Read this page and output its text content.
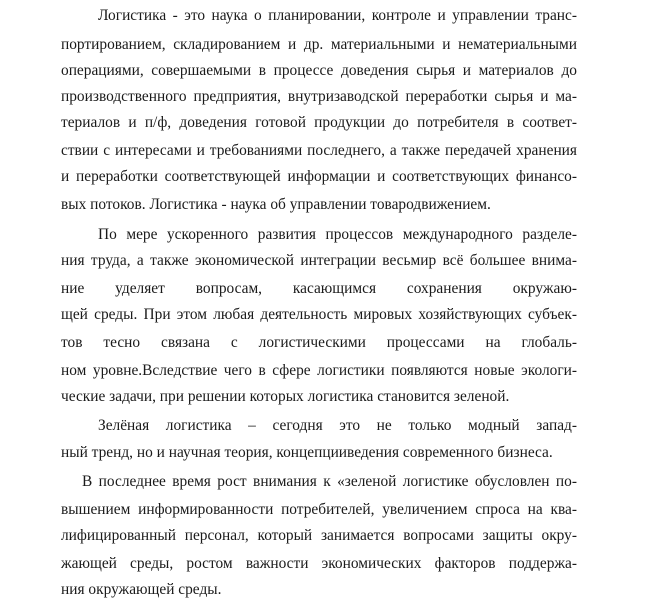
Логистика - это наука о планировании, контроле и управлении транс-
портированием, складированием и др. материальными и нематериальными
операциями, совершаемыми в процессе доведения сырья и материалов до
производственного предприятия, внутризаводской переработки сырья и ма-
териалов и п/ф, доведения готовой продукции до потребителя в соответ-
ствии с интересами и требованиями последнего, а также передачей хранения
и переработки соответствующей информации и соответствующих финансо-
вых потоков. Логистика - наука об управлении товародвижением.
По мере ускоренного развития процессов международного разделе-
ния труда, а также экономической интеграции весьмир всё большее внима-
ние уделяет вопросам, касающимся сохранения окружаю-
щей среды. При этом любая деятельность мировых хозяйствующих субъек-
тов тесно связана с логистическими процессами на глобаль-
ном уровне.Вследствие чего в сфере логистики появляются новые экологи-
ческие задачи, при решении которых логистика становится зеленой.
Зелёная логистика – сегодня это не только модный запад-
ный тренд, но и научная теория, концепцииведения современного бизнеса.
В последнее время рост внимания к «зеленой логистике обусловлен по-
вышением информированности потребителей, увеличением спроса на ква-
лифицированный персонал, который занимается вопросами защиты окру-
жающей среды, ростом важности экономических факторов поддержа-
ния окружающей среды.
